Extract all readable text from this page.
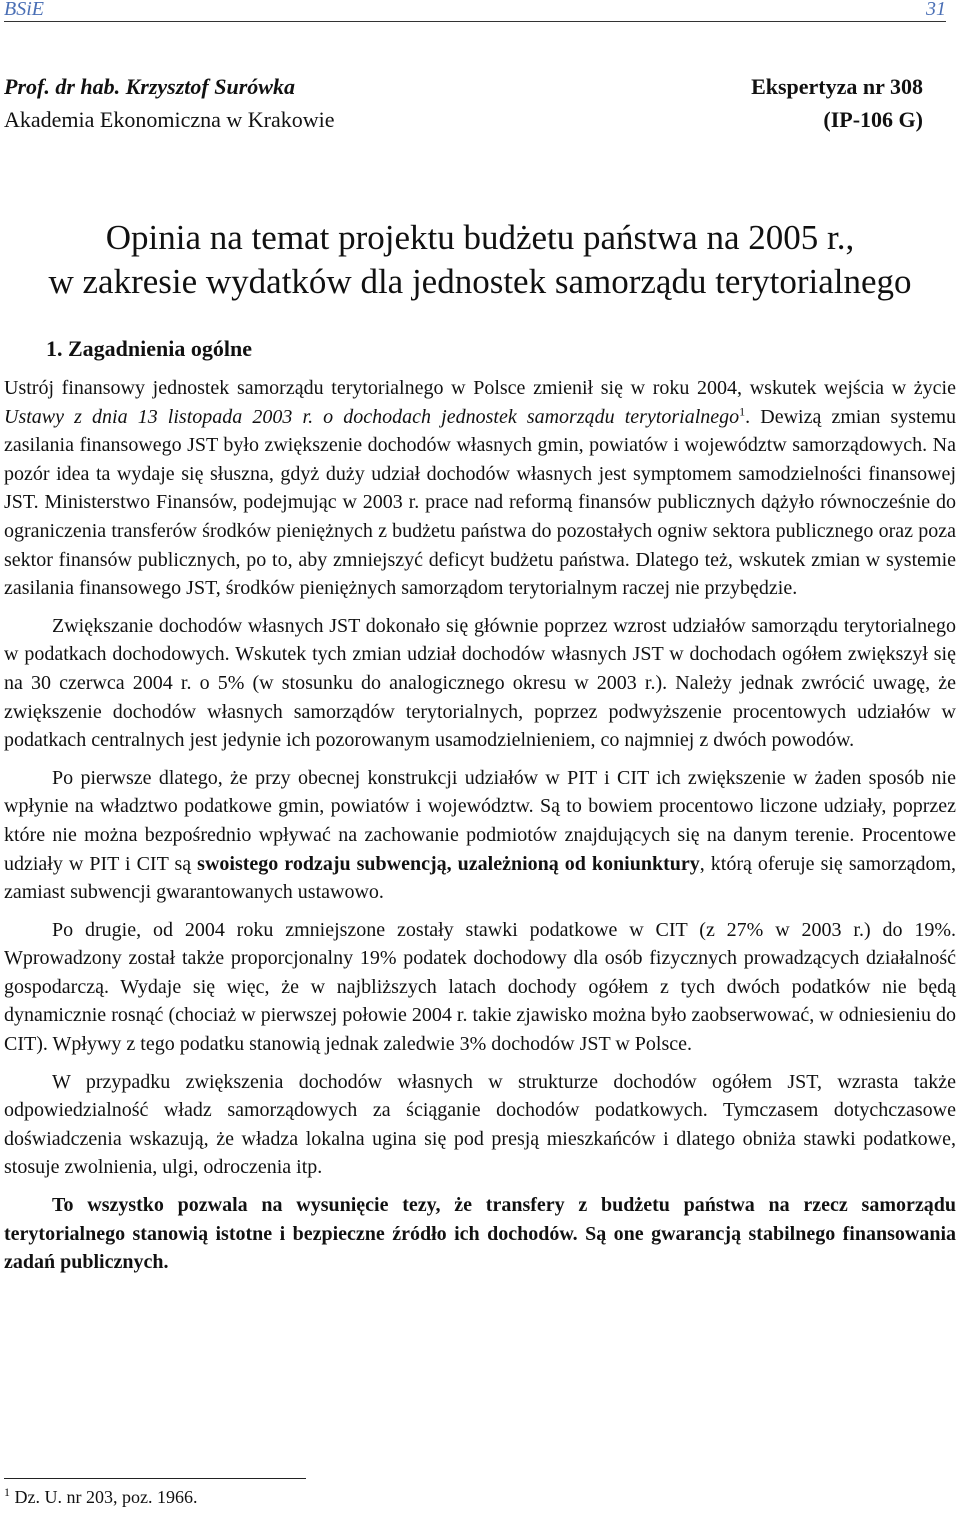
BSiE	31
Prof. dr hab. Krzysztof Surówka	Ekspertyza nr 308
Akademia Ekonomiczna w Krakowie	(IP-106 G)
Opinia na temat projektu budżetu państwa na 2005 r.,
w zakresie wydatków dla jednostek samorządu terytorialnego
1. Zagadnienia ogólne

Ustrój finansowy jednostek samorządu terytorialnego w Polsce zmienił się w roku 2004, wskutek wejścia w życie Ustawy z dnia 13 listopada 2003 r. o dochodach jednostek samorządu terytorialnego$^1$. Dewizą zmian systemu zasilania finansowego JST było zwiększenie dochodów własnych gmin, powiatów i województw samorządowych. Na pozór idea ta wydaje się słuszna, gdyż duży udział dochodów własnych jest symptomem samodzielności finansowej JST. Ministerstwo Finansów, podejmując w 2003 r. prace nad reformą finansów publicznych dążyło równocześnie do ograniczenia transferów środków pieniężnych z budżetu państwa do pozostałych ogniw sektora publicznego oraz poza sektor finansów publicznych, po to, aby zmniejszyć deficyt budżetu państwa. Dlatego też, wskutek zmian w systemie zasilania finansowego JST, środków pieniężnych samorządom terytorialnym raczej nie przybędzie.

Zwiększanie dochodów własnych JST dokonało się głównie poprzez wzrost udziałów samorządu terytorialnego w podatkach dochodowych. Wskutek tych zmian udział dochodów własnych JST w dochodach ogółem zwiększył się na 30 czerwca 2004 r. o 5% (w stosunku do analogicznego okresu w 2003 r.). Należy jednak zwrócić uwagę, że zwiększenie dochodów własnych samorządów terytorialnych, poprzez podwyższenie procentowych udziałów w podatkach centralnych jest jedynie ich pozorowanym usamodzielnieniem, co najmniej z dwóch powodów.

Po pierwsze dlatego, że przy obecnej konstrukcji udziałów w PIT i CIT ich zwiększenie w żaden sposób nie wpłynie na władztwo podatkowe gmin, powiatów i województw. Są to bowiem procentowo liczone udziały, poprzez które nie można bezpośrednio wpływać na zachowanie podmiotów znajdujących się na danym terenie. Procentowe udziały w PIT i CIT są swoistego rodzaju subwencją, uzależnioną od koniunktury, którą oferuje się samorządom, zamiast subwencji gwarantowanych ustawowo.

Po drugie, od 2004 roku zmniejszone zostały stawki podatkowe w CIT (z 27% w 2003 r.) do 19%. Wprowadzony został także proporcjonalny 19% podatek dochodowy dla osób fizycznych prowadzących działalność gospodarczą. Wydaje się więc, że w najbliższych latach dochody ogółem z tych dwóch podatków nie będą dynamicznie rosnąć (chociaż w pierwszej połowie 2004 r. takie zjawisko można było zaobserwować, w odniesieniu do CIT). Wpływy z tego podatku stanowią jednak zaledwie 3% dochodów JST w Polsce.

W przypadku zwiększenia dochodów własnych w strukturze dochodów ogółem JST, wzrasta także odpowiedzialność władz samorządowych za ściąganie dochodów podatkowych. Tymczasem dotychczasowe doświadczenia wskazują, że władza lokalna ugina się pod presją mieszkańców i dlatego obniża stawki podatkowe, stosuje zwolnienia, ulgi, odroczenia itp.

To wszystko pozwala na wysunięcie tezy, że transfery z budżetu państwa na rzecz samorządu terytorialnego stanowią istotne i bezpieczne źródło ich dochodów. Są one gwarancją stabilnego finansowania zadań publicznych.

$^1$ Dz. U. nr 203, poz. 1966.
